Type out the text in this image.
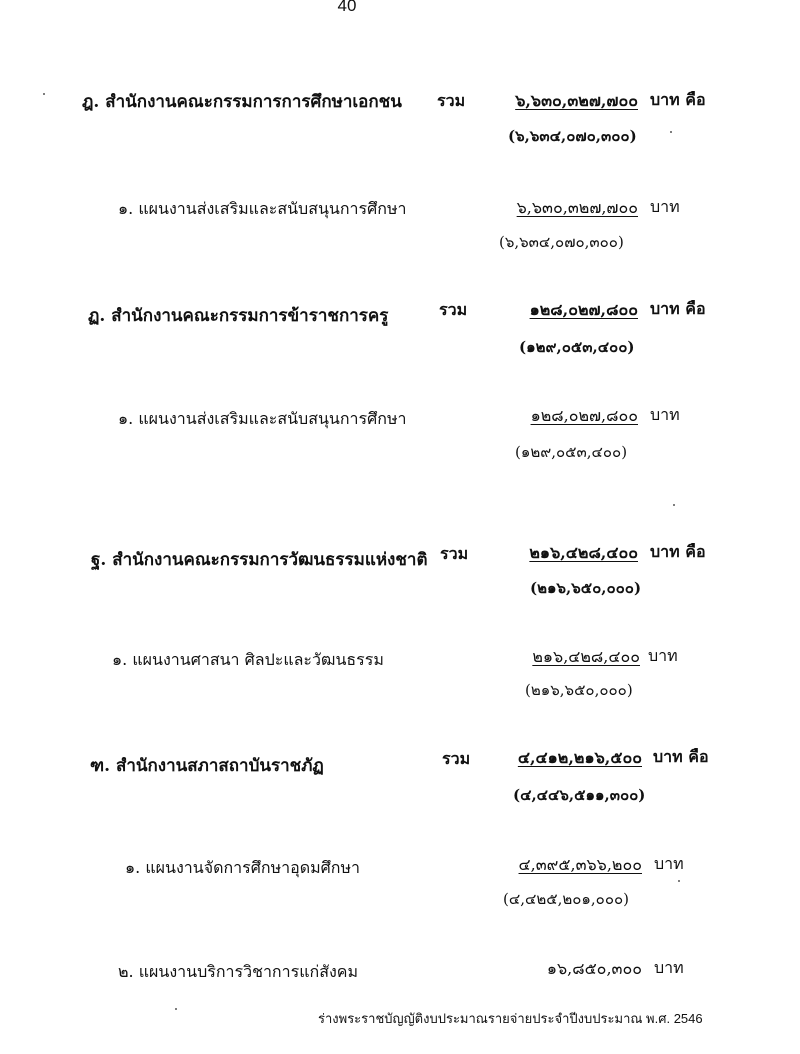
40
ฎ. สำนักงานคณะกรรมการการศึกษาเอกชน รวม	๖,๖๓๐,๓๒๗,๗๐๐ บาท คือ
(๖,๖๓๔,๐๗๐,๓๐๐)
๑. แผนงานส่งเสริมและสนับสนุนการศึกษา	๖,๖๓๐,๓๒๗,๗๐๐ บาท
(๖,๖๓๔,๐๗๐,๓๐๐)
ฏ. สำนักงานคณะกรรมการข้าราชการครู	รวม	๑๒๘,๐๒๗,๘๐๐ บาท คือ
(๑๒๙,๐๕๓,๔๐๐)
๑. แผนงานส่งเสริมและสนับสนุนการศึกษา	๑๒๘,๐๒๗,๘๐๐ บาท
(๑๒๙,๐๕๓,๔๐๐)
ฐ. สำนักงานคณะกรรมการวัฒนธรรมแห่งชาติ รวม	๒๑๖,๔๒๘,๔๐๐ บาท คือ
(๒๑๖,๖๕๐,๐๐๐)
๑. แผนงานศาสนา ศิลปะและวัฒนธรรม	๒๑๖,๔๒๘,๔๐๐ บาท
(๒๑๖,๖๕๐,๐๐๐)
ฑ. สำนักงานสภาสถาบันราชภัฏ	รวม	๔,๔๑๒,๒๑๖,๕๐๐ บาท คือ
(๔,๔๔๖,๕๑๑,๓๐๐)
๑. แผนงานจัดการศึกษาอุดมศึกษา	๔,๓๙๕,๓๖๖,๒๐๐ บาท
(๔,๔๒๕,๒๐๑,๐๐๐)
๒. แผนงานบริการวิชาการแก่สังคม	๑๖,๘๕๐,๓๐๐ บาท
ร่างพระราชบัญญัติงบประมาณรายจ่ายประจำปีงบประมาณ พ.ศ. 2546
